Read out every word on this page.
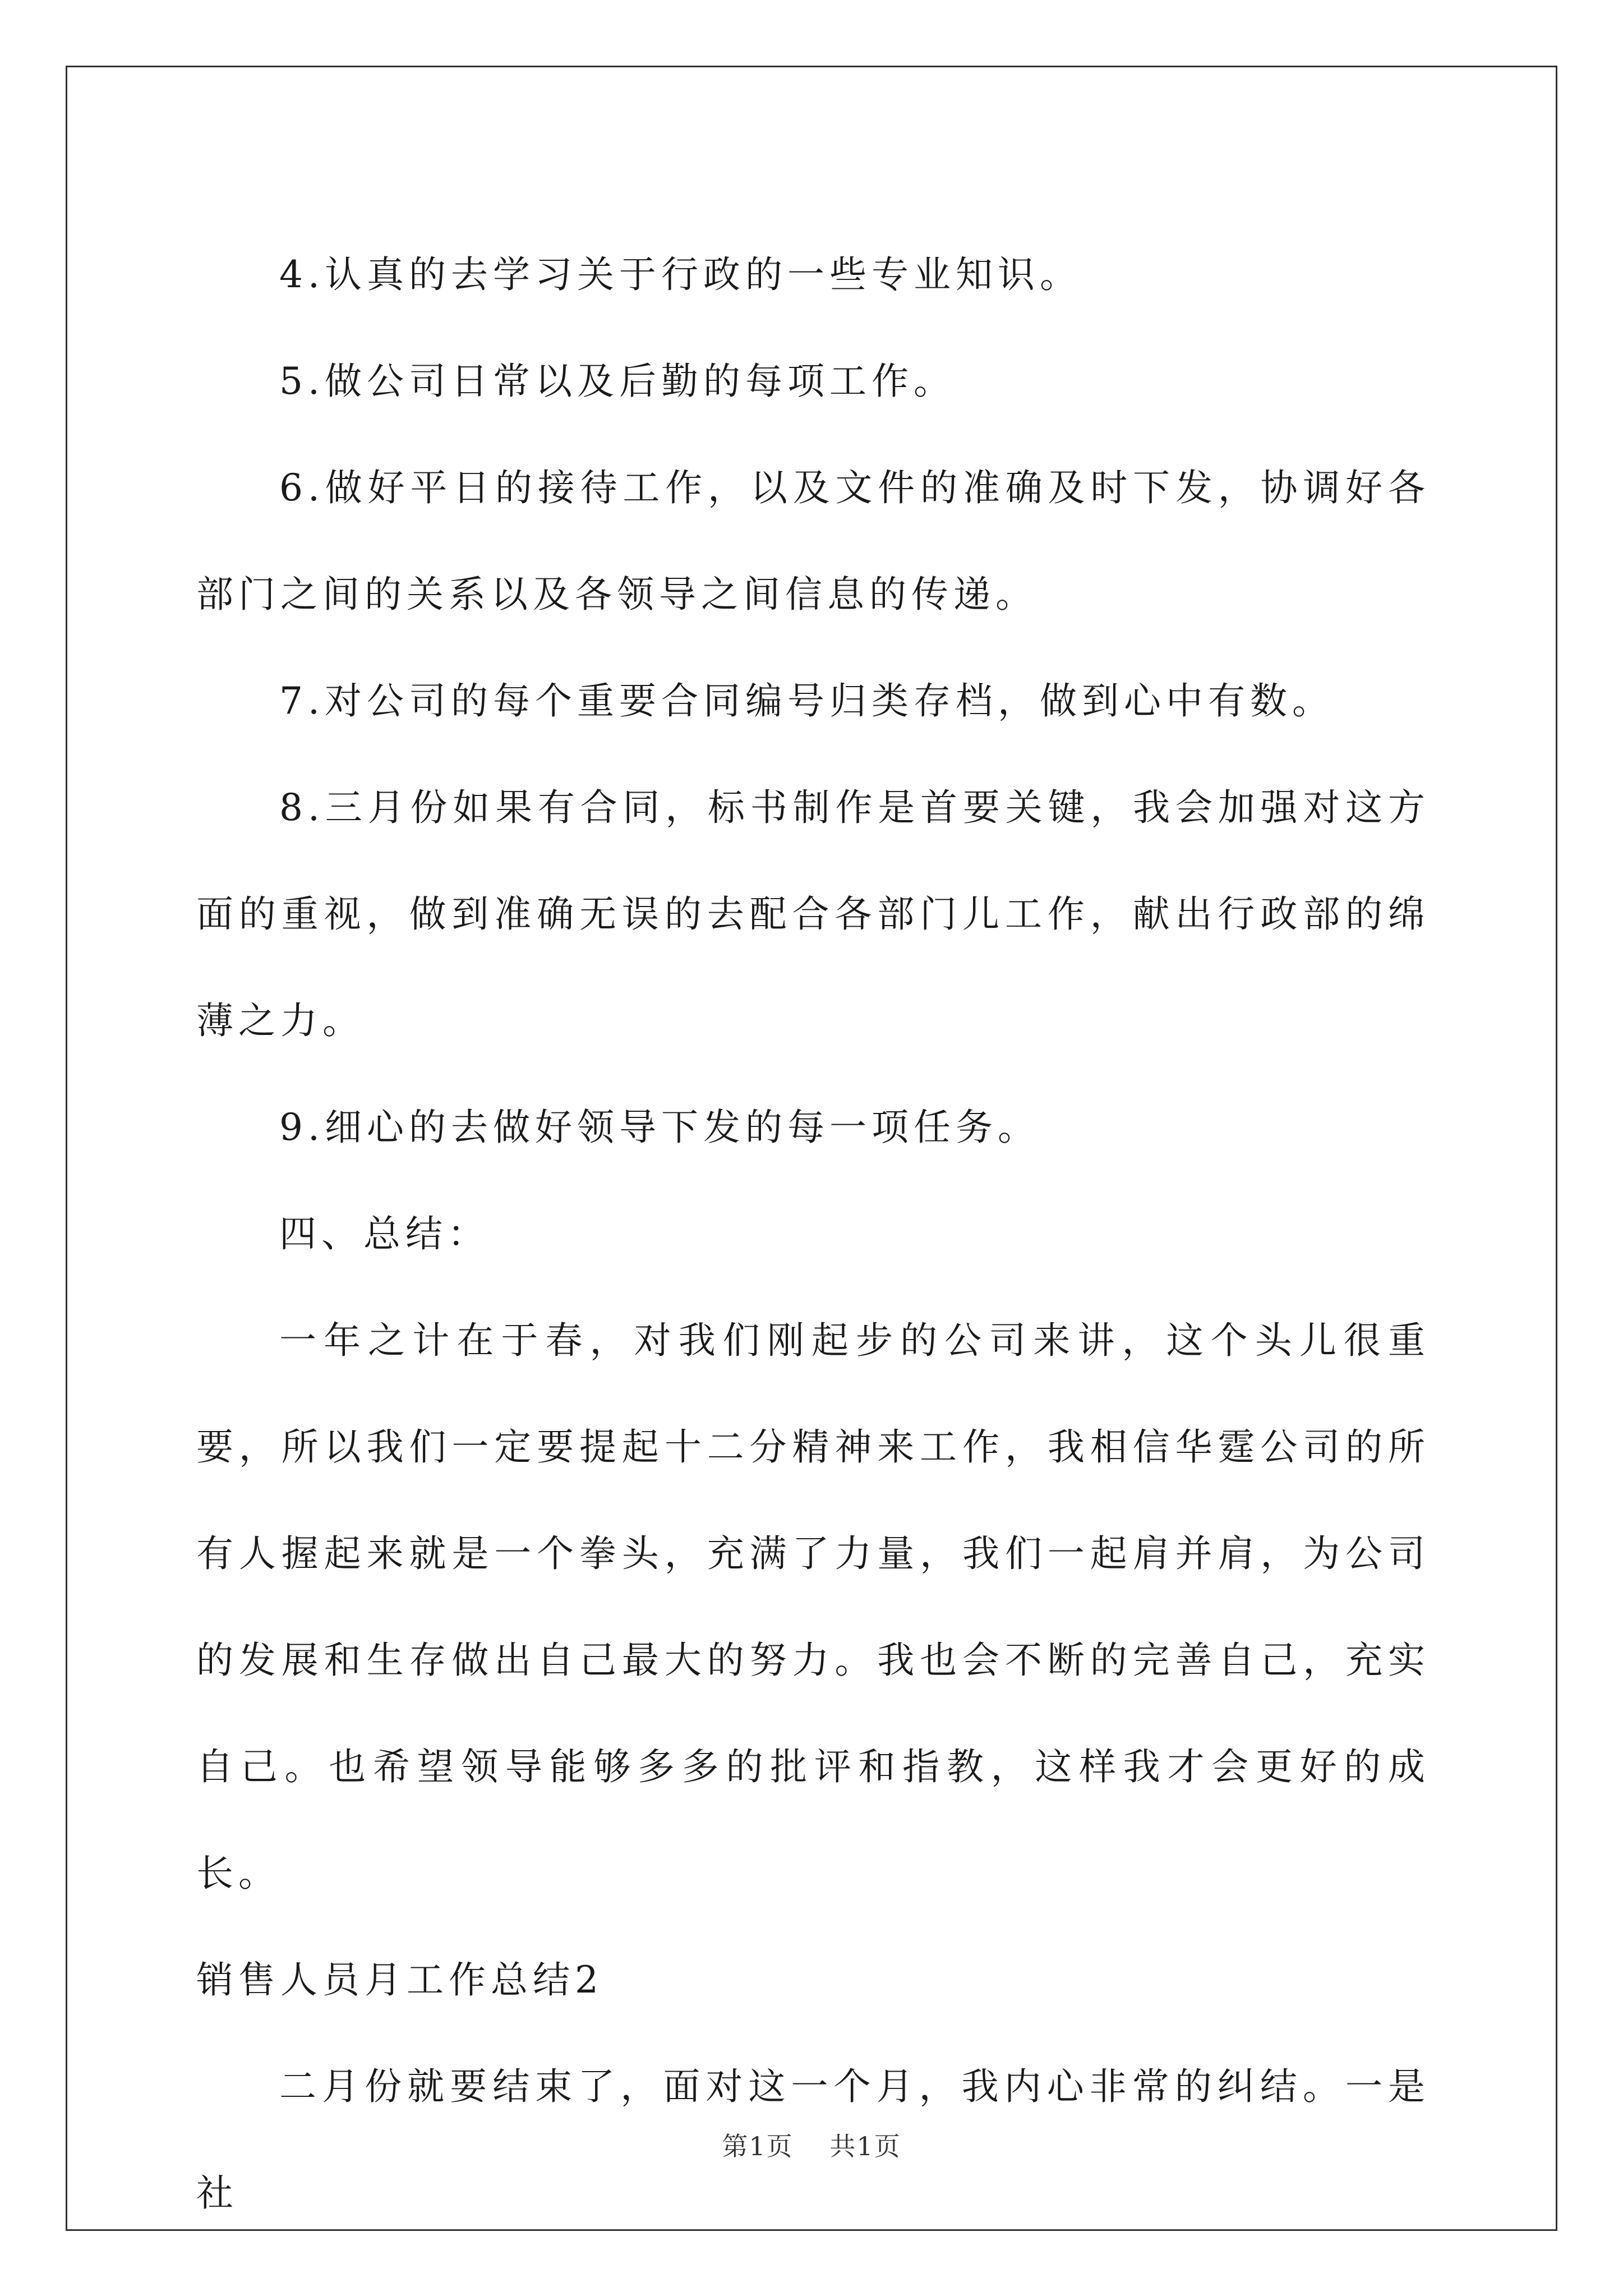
4.认真的去学习关于行政的一些专业知识。

5.做公司日常以及后勤的每项工作。

6.做好平日的接待工作，以及文件的准确及时下发，协调好各部门之间的关系以及各领导之间信息的传递。

7.对公司的每个重要合同编号归类存档，做到心中有数。

8.三月份如果有合同，标书制作是首要关键，我会加强对这方面的重视，做到准确无误的去配合各部门儿工作，献出行政部的绵薄之力。

9.细心的去做好领导下发的每一项任务。

四、总结：

一年之计在于春，对我们刚起步的公司来讲，这个头儿很重要，所以我们一定要提起十二分精神来工作，我相信华霆公司的所有人握起来就是一个拳头，充满了力量，我们一起肩并肩，为公司的发展和生存做出自己最大的努力。我也会不断的完善自己，充实自己。也希望领导能够多多的批评和指教，这样我才会更好的成长。

销售人员月工作总结2

二月份就要结束了，面对这一个月，我内心非常的纠结。一是社

第1页 共1页
